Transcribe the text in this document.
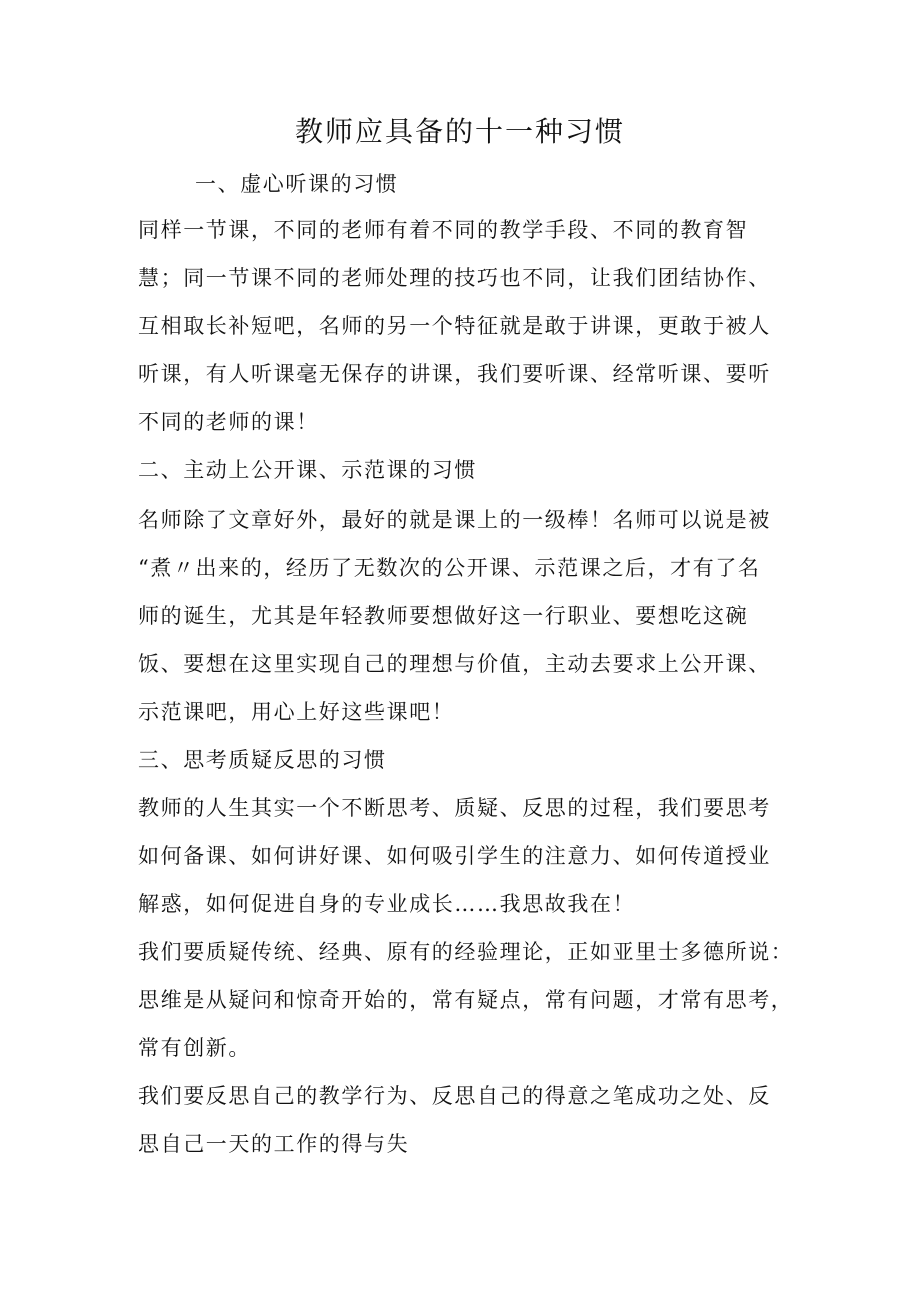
教师应具备的十一种习惯

一、虚心听课的习惯

同样一节课，不同的老师有着不同的教学手段、不同的教育智

慧；同一节课不同的老师处理的技巧也不同，让我们团结协作、

互相取长补短吧，名师的另一个特征就是敢于讲课，更敢于被人

听课，有人听课毫无保存的讲课，我们要听课、经常听课、要听

不同的老师的课！

二、主动上公开课、示范课的习惯

名师除了文章好外，最好的就是课上的一级棒！名师可以说是被

“煮〃出来的，经历了无数次的公开课、示范课之后，才有了名

师的诞生，尤其是年轻教师要想做好这一行职业、要想吃这碗

饭、要想在这里实现自己的理想与价值，主动去要求上公开课、

示范课吧，用心上好这些课吧！

三、思考质疑反思的习惯

教师的人生其实一个不断思考、质疑、反思的过程，我们要思考

如何备课、如何讲好课、如何吸引学生的注意力、如何传道授业

解惑，如何促进自身的专业成长……我思故我在！

我们要质疑传统、经典、原有的经验理论，正如亚里士多德所说：

思维是从疑问和惊奇开始的，常有疑点，常有问题，才常有思考，

常有创新。

我们要反思自己的教学行为、反思自己的得意之笔成功之处、反

思自己一天的工作的得与失
